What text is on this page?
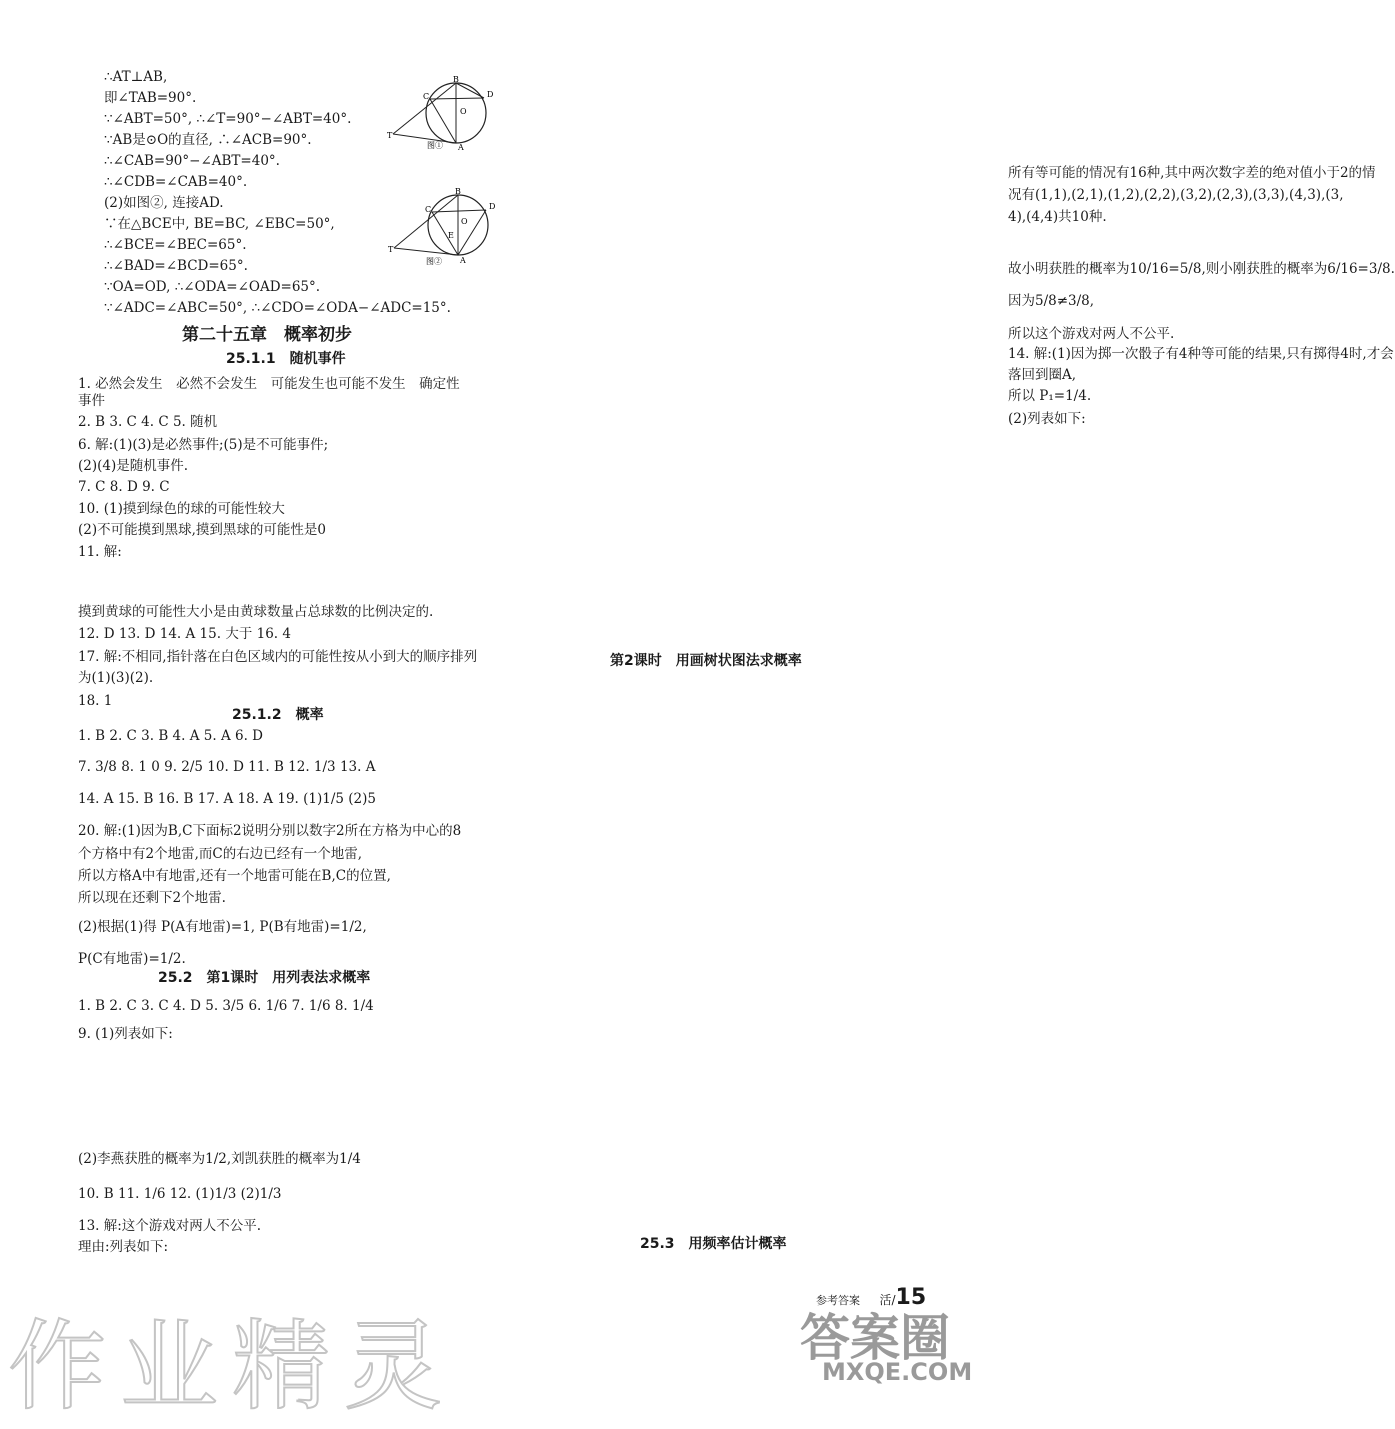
∴AT⊥AB,
即∠TAB=90°.
∵∠ABT=50°, ∴∠T=90°−∠ABT=40°.
∵AB是⊙O的直径, ∴∠ACB=90°.
∴∠CAB=90°−∠ABT=40°.
∴∠CDB=∠CAB=40°.
(2)如图②, 连接AD.
∵在△BCE中, BE=BC, ∠EBC=50°,
∴∠BCE=∠BEC=65°.
∴∠BAD=∠BCD=65°.
∵OA=OD, ∴∠ODA=∠OAD=65°.
∵∠ADC=∠ABC=50°, ∴∠CDO=∠ODA−∠ADC=15°.
B
D
C
O
T
A
图①
B
D
C
O
E
T
A
图②
第二十五章　概率初步
25.1.1　随机事件
1. 必然会发生　必然不会发生　可能发生也可能不发生　确定性
事件
2. B 3. C 4. C 5. 随机
6. 解:(1)(3)是必然事件;(5)是不可能事件;
(2)(4)是随机事件.
7. C 8. D 9. C
10. (1)摸到绿色的球的可能性较大
(2)不可能摸到黑球,摸到黑球的可能性是0
11. 解:
摸到黄球的可能性大小是由黄球数量占总球数的比例决定的.
12. D 13. D 14. A 15. 大于 16. 4
17. 解:不相同,指针落在白色区域内的可能性按从小到大的顺序排列
为(1)(3)(2).
18. 1
25.1.2　概率
1. B 2. C 3. B 4. A 5. A 6. D
7. 3/8 8. 1 0 9. 2/5 10. D 11. B 12. 1/3 13. A
14. A 15. B 16. B 17. A 18. A 19. (1)1/5 (2)5
20. 解:(1)因为B,C下面标2说明分别以数字2所在方格为中心的8
个方格中有2个地雷,而C的右边已经有一个地雷,
所以方格A中有地雷,还有一个地雷可能在B,C的位置,
所以现在还剩下2个地雷.
(2)根据(1)得 P(A有地雷)=1, P(B有地雷)=1/2,
P(C有地雷)=1/2.
25.2　第1课时　用列表法求概率
1. B 2. C 3. C 4. D 5. 3/5 6. 1/6 7. 1/6 8. 1/4
9. (1)列表如下:
(2)李燕获胜的概率为1/2,刘凯获胜的概率为1/4
10. B 11. 1/6 12. (1)1/3 (2)1/3
13. 解:这个游戏对两人不公平.
理由:列表如下:
所有等可能的情况有16种,其中两次数字差的绝对值小于2的情
况有(1,1),(2,1),(1,2),(2,2),(3,2),(2,3),(3,3),(4,3),(3,
4),(4,4)共10种.
故小明获胜的概率为10/16=5/8,则小刚获胜的概率为6/16=3/8.
因为5/8≠3/8,
所以这个游戏对两人不公平.
14. 解:(1)因为掷一次骰子有4种等可能的结果,只有掷得4时,才会
落回到圈A,
所以 P₁=1/4.
(2)列表如下:
第2课时　用画树状图法求概率
25.3　用频率估计概率
参考答案 活/15
作业精灵	答案圈
MXQE.COM
